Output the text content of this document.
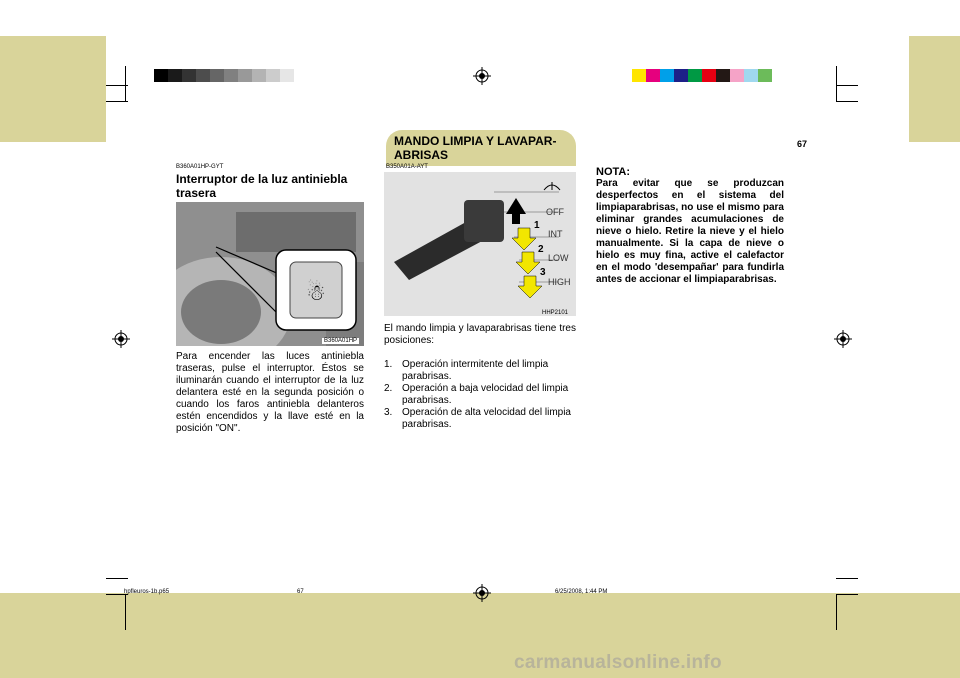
COMPONENTES DE SU HYUNDAI 1
67
B360A01HP-GYT
Interruptor de la luz antiniebla trasera
☃
B360A01HP
Para encender las luces antiniebla traseras, pulse el interruptor. Éstos se iluminarán cuando el interruptor de la luz delantera esté en la segunda posición o cuando los faros antiniebla delanteros estén encendidos y la llave esté en la posición "ON".
MANDO LIMPIA Y LAVAPAR-ABRISAS
B350A01A-AYT
OFF
INT
LOW
HIGH
1
2
3
HHP2101
El mando limpia y lavaparabrisas tiene tres posiciones:
1. Operación intermitente del limpia parabrisas.
2. Operación a baja velocidad del limpia parabrisas.
3. Operación de alta velocidad del limpia parabrisas.
NOTA:
Para evitar que se produzcan desperfectos en el sistema del limpiaparabrisas, no use el mismo para eliminar grandes acumulaciones de nieve o hielo. Retire la nieve y el hielo manualmente. Si la capa de nieve o hielo es muy fina, active el calefactor en el modo 'desempañar' para fundirla antes de accionar el limpiaparabrisas.
hpfleuros-1b.p65	67	6/25/2008, 1:44 PM
carmanualsonline.info
